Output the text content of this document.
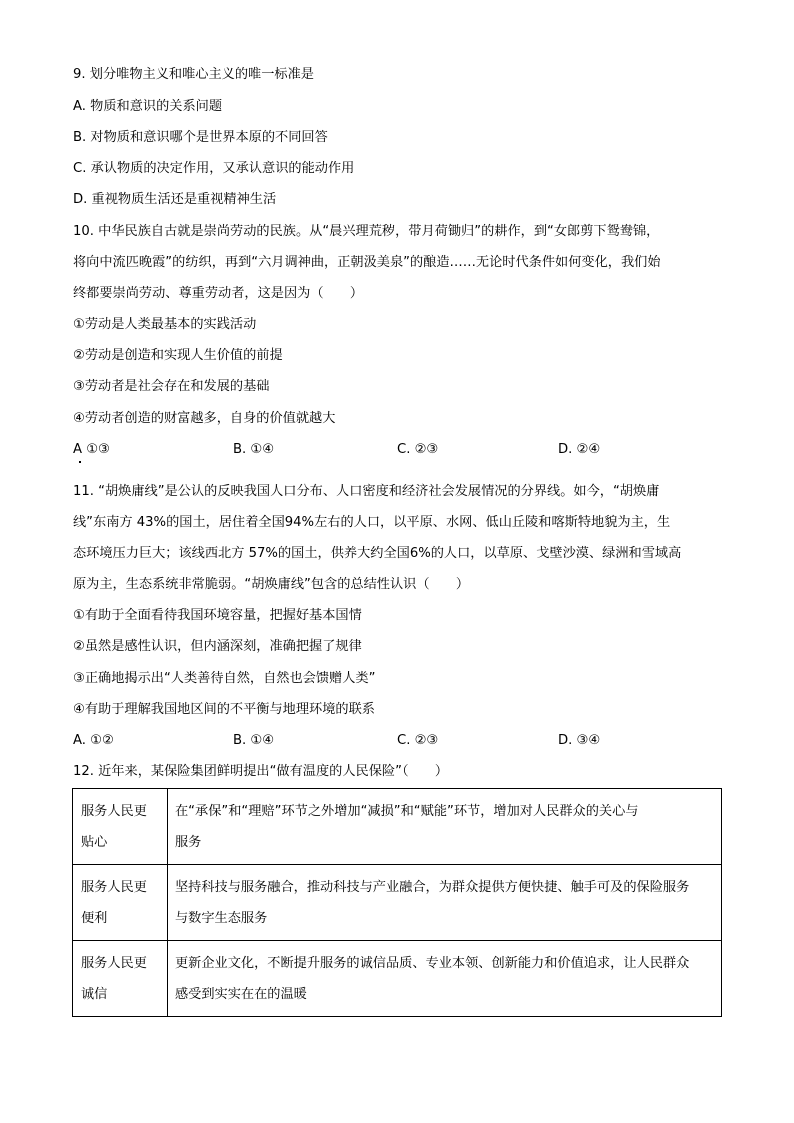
9. 划分唯物主义和唯心主义的唯一标准是
A. 物质和意识的关系问题
B. 对物质和意识哪个是世界本原的不同回答
C. 承认物质的决定作用，又承认意识的能动作用
D. 重视物质生活还是重视精神生活
10. 中华民族自古就是崇尚劳动的民族。从“晨兴理荒秽，带月荷锄归”的耕作，到“女郎剪下鸳鸯锦，
将向中流匹晚霞”的纺织，再到“六月调神曲，正朝汲美泉”的酿造……无论时代条件如何变化，我们始
终都要崇尚劳动、尊重劳动者，这是因为（　　）
①劳动是人类最基本的实践活动
②劳动是创造和实现人生价值的前提
③劳动者是社会存在和发展的基础
④劳动者创造的财富越多，自身的价值就越大
A ①③	B. ①④	C. ②③	D. ②④
11. “胡焕庸线”是公认的反映我国人口分布、人口密度和经济社会发展情况的分界线。如今，“胡焕庸
线”东南方 43%的国土，居住着全国94%左右的人口，以平原、水网、低山丘陵和喀斯特地貌为主，生
态环境压力巨大；该线西北方 57%的国土，供养大约全国6%的人口，以草原、戈壁沙漠、绿洲和雪域高
原为主，生态系统非常脆弱。“胡焕庸线”包含的总结性认识（　　）
①有助于全面看待我国环境容量，把握好基本国情
②虽然是感性认识，但内涵深刻，准确把握了规律
③正确地揭示出“人类善待自然，自然也会馈赠人类”
④有助于理解我国地区间的不平衡与地理环境的联系
A. ①②	B. ①④	C. ②③	D. ③④
12. 近年来，某保险集团鲜明提出“做有温度的人民保险”（　　）
服务人民更
贴心	在“承保”和“理赔”环节之外增加“减损”和“赋能”环节，增加对人民群众的关心与
服务

服务人民更
便利	坚持科技与服务融合，推动科技与产业融合，为群众提供方便快捷、触手可及的保险服务
与数字生态服务

服务人民更
诚信	更新企业文化，不断提升服务的诚信品质、专业本领、创新能力和价值追求，让人民群众
感受到实实在在的温暖
